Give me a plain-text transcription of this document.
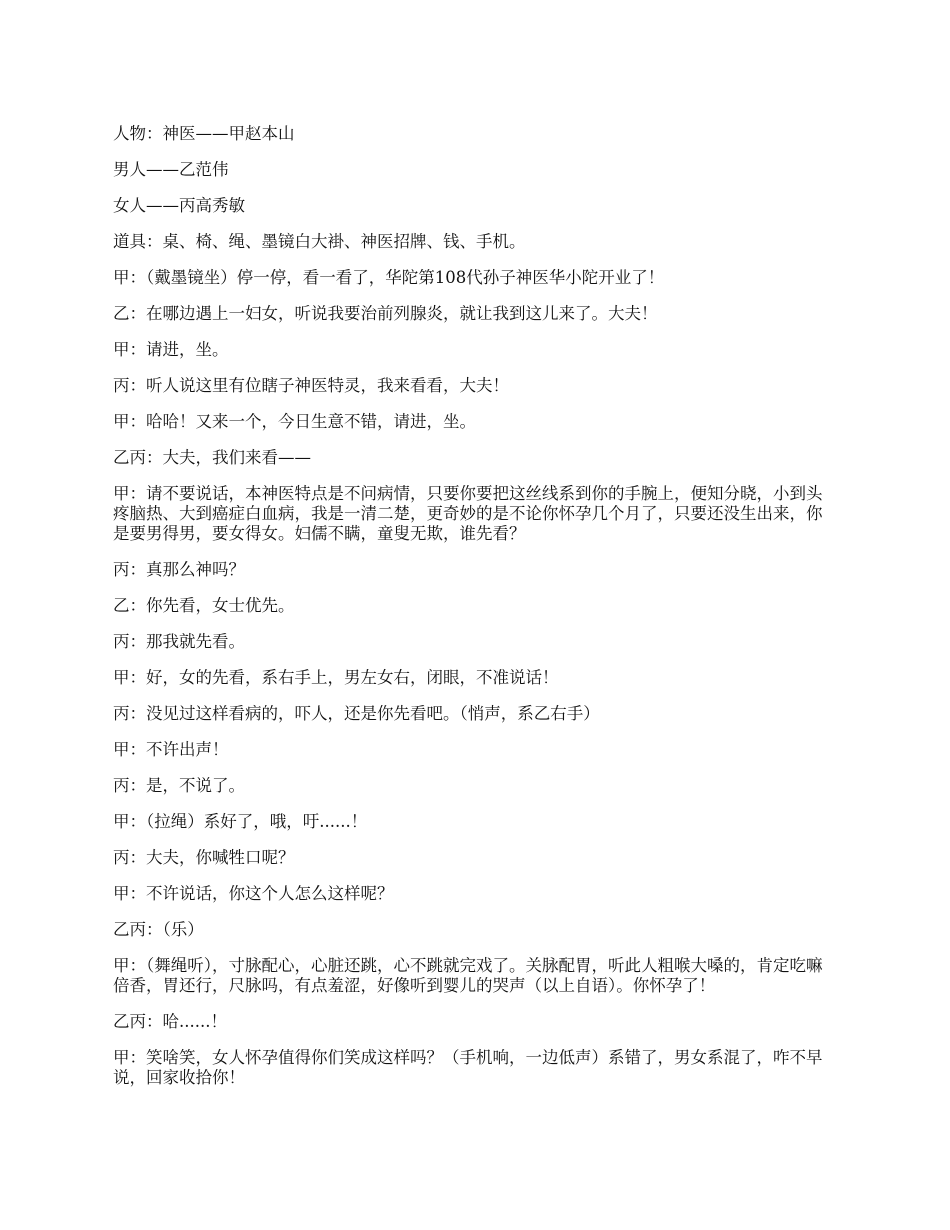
人物：神医——甲赵本山

男人——乙范伟

女人——丙高秀敏

道具：桌、椅、绳、墨镜白大褂、神医招牌、钱、手机。

甲：（戴墨镜坐）停一停，看一看了，华陀第108代孙子神医华小陀开业了！

乙：在哪边遇上一妇女，听说我要治前列腺炎，就让我到这儿来了。大夫！

甲：请进，坐。

丙：听人说这里有位瞎子神医特灵，我来看看，大夫！

甲：哈哈！又来一个，今日生意不错，请进，坐。

乙丙：大夫，我们来看——

甲：请不要说话，本神医特点是不问病情，只要你要把这丝线系到你的手腕上，便知分晓，小到头疼脑热、大到癌症白血病，我是一清二楚，更奇妙的是不论你怀孕几个月了，只要还没生出来，你是要男得男，要女得女。妇儒不瞒，童叟无欺，谁先看？

丙：真那么神吗？

乙：你先看，女士优先。

丙：那我就先看。

甲：好，女的先看，系右手上，男左女右，闭眼，不准说话！

丙：没见过这样看病的，吓人，还是你先看吧。（悄声，系乙右手）

甲：不许出声！

丙：是，不说了。

甲：（拉绳）系好了，哦，吁......！

丙：大夫，你喊牲口呢？

甲：不许说话，你这个人怎么这样呢？

乙丙：（乐）

甲：（舞绳听），寸脉配心，心脏还跳，心不跳就完戏了。关脉配胃，听此人粗喉大嗓的，肯定吃嘛倍香，胃还行，尺脉吗，有点羞涩，好像听到婴儿的哭声（以上自语）。你怀孕了！

乙丙：哈......！

甲：笑啥笑，女人怀孕值得你们笑成这样吗？（手机响，一边低声）系错了，男女系混了，咋不早说，回家收拾你！
